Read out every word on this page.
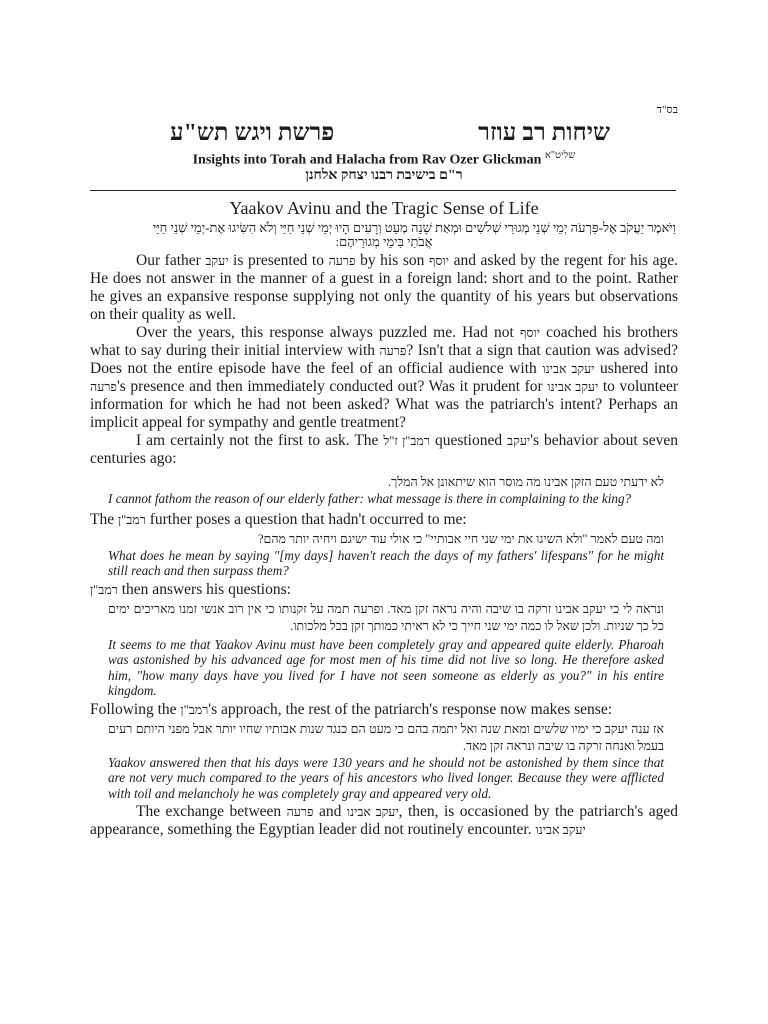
בס"ד
שיחות רב עוזר
פרשת ויגש תש"ע
Insights into Torah and Halacha from Rav Ozer Glickman $^{שליט"א}$
ר"ם בישיבת רבנו יצחק אלחנן
Yaakov Avinu and the Tragic Sense of Life
וַיֹּאמֶר יַעֲקֹב אֶל-פַּרְעֹה יְמֵי שְׁנֵי מְגוּרַי שְׁלֹשִׁים וּמְאַת שָׁנָה מְעַט וְרָעִים הָיוּ יְמֵי שְׁנֵי חַיַּי וְלֹא הִשִּׂיגוּ אֶת-יְמֵי שְׁנֵי חַיֵּי
אֲבֹתַי בִּימֵי מְגוּרֵיהֶם:

Our father יעקב is presented to פרעה by his son יוסף and asked by the regent for his age. He does not answer in the manner of a guest in a foreign land: short and to the point. Rather he gives an expansive response supplying not only the quantity of his years but observations on their quality as well.

Over the years, this response always puzzled me. Had not יוסף coached his brothers what to say during their initial interview with פרעה? Isn't that a sign that caution was advised? Does not the entire episode have the feel of an official audience with יעקב אבינו ushered into פרעה's presence and then immediately conducted out? Was it prudent for יעקב אבינו to volunteer information for which he had not been asked? What was the patriarch's intent? Perhaps an implicit appeal for sympathy and gentle treatment?

I am certainly not the first to ask. The רמב"ן ז"ל questioned יעקב's behavior about seven centuries ago:

לא ידעתי טעם הזקן אבינו מה מוסר הוא שיתאונן אל המלך.

I cannot fathom the reason of our elderly father: what message is there in complaining to the king?

The רמב"ן further poses a question that hadn't occurred to me:

ומה טעם לאמר "ולא השיגו את ימי שני חיי אבותיי" כי אולי עוד ישיגם ויחיה יותר מהם?

What does he mean by saying "[my days] haven't reach the days of my fathers' lifespans" for he might still reach and then surpass them?

רמב"ן then answers his questions:

ונראה לי כי יעקב אבינו זרקה בו שיבה והיה נראה זקן מאד. ופרעה תמה על זקנותו כי אין רוב אנשי זמנו מאריכים ימים כל כך שניות. ולכן שאל לו כמה ימי שני חייך כי לא ראיתי כמותך זקן בכל מלכותו.

It seems to me that Yaakov Avinu must have been completely gray and appeared quite elderly. Pharoah was astonished by his advanced age for most men of his time did not live so long. He therefore asked him, "how many days have you lived for I have not seen someone as elderly as you?" in his entire kingdom.

Following the רמב"ן's approach, the rest of the patriarch's response now makes sense:

אז ענה יעקב כי ימיו שלשים ומאת שנה ואל יתמה בהם כי מעט הם כנגד שנות אבותיו שחיו יותר אבל מפני היותם רעים בעמל ואנחה זרקה בו שיבה ונראה זקן מאד.

Yaakov answered then that his days were 130 years and he should not be astonished by them since that are not very much compared to the years of his ancestors who lived longer. Because they were afflicted with toil and melancholy he was completely gray and appeared very old.

The exchange between פרעה and יעקב אבינו, then, is occasioned by the patriarch's aged appearance, something the Egyptian leader did not routinely encounter. יעקב אבינו
